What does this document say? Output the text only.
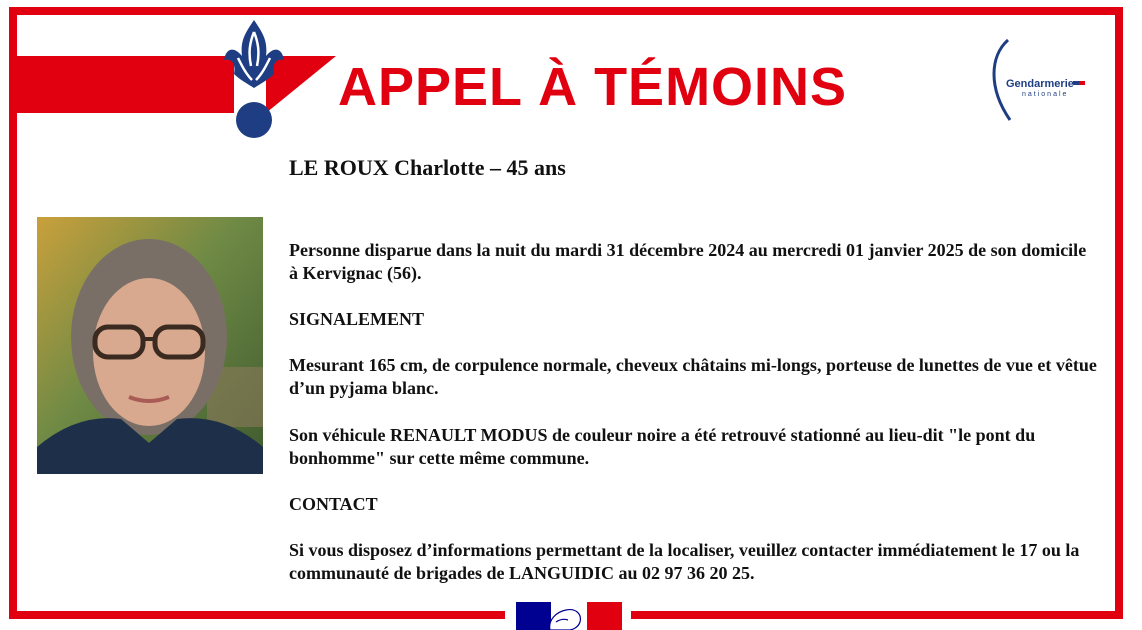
APPEL À TÉMOINS	Gendarmerie
nationale
LE ROUX Charlotte – 45 ans

Personne disparue dans la nuit du mardi 31 décembre 2024 au mercredi 01 janvier 2025 de son domicile à Kervignac (56).

SIGNALEMENT

Mesurant 165 cm, de corpulence normale, cheveux châtains mi-longs, porteuse de lunettes de vue et vêtue d’un pyjama blanc.

Son véhicule RENAULT MODUS de couleur noire a été retrouvé stationné au lieu-dit "le pont du bonhomme" sur cette même commune.

CONTACT

Si vous disposez d’informations permettant de la localiser, veuillez contacter immédiatement le 17 ou la communauté de brigades de LANGUIDIC au 02 97 36 20 25.
